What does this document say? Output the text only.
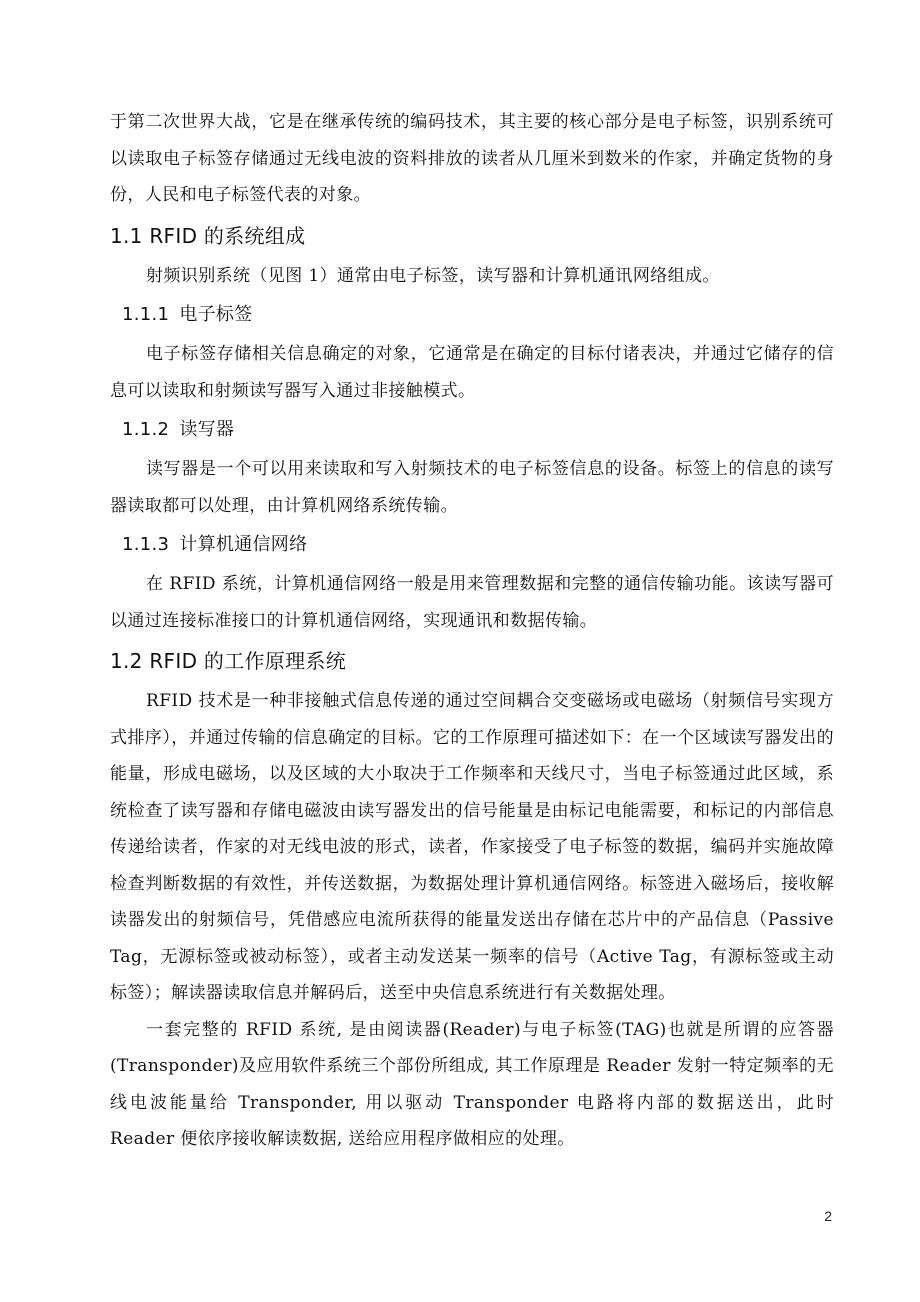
于第二次世界大战，它是在继承传统的编码技术，其主要的核心部分是电子标签，识别系统可以读取电子标签存储通过无线电波的资料排放的读者从几厘米到数米的作家，并确定货物的身份，人民和电子标签代表的对象。

1.1 RFID 的系统组成

射频识别系统（见图 1）通常由电子标签，读写器和计算机通讯网络组成。

1.1.1 电子标签

电子标签存储相关信息确定的对象，它通常是在确定的目标付诸表决，并通过它储存的信息可以读取和射频读写器写入通过非接触模式。

1.1.2 读写器

读写器是一个可以用来读取和写入射频技术的电子标签信息的设备。标签上的信息的读写器读取都可以处理，由计算机网络系统传输。

1.1.3 计算机通信网络

在 RFID 系统，计算机通信网络一般是用来管理数据和完整的通信传输功能。该读写器可以通过连接标准接口的计算机通信网络，实现通讯和数据传输。

1.2 RFID 的工作原理系统

RFID 技术是一种非接触式信息传递的通过空间耦合交变磁场或电磁场（射频信号实现方式排序），并通过传输的信息确定的目标。它的工作原理可描述如下：在一个区域读写器发出的能量，形成电磁场，以及区域的大小取决于工作频率和天线尺寸，当电子标签通过此区域，系统检查了读写器和存储电磁波由读写器发出的信号能量是由标记电能需要，和标记的内部信息传递给读者，作家的对无线电波的形式，读者，作家接受了电子标签的数据，编码并实施故障检查判断数据的有效性，并传送数据，为数据处理计算机通信网络。标签进入磁场后，接收解读器发出的射频信号，凭借感应电流所获得的能量发送出存储在芯片中的产品信息（Passive Tag，无源标签或被动标签），或者主动发送某一频率的信号（Active Tag，有源标签或主动标签）；解读器读取信息并解码后，送至中央信息系统进行有关数据处理。

一套完整的 RFID 系统, 是由阅读器(Reader)与电子标签(TAG)也就是所谓的应答器(Transponder)及应用软件系统三个部份所组成, 其工作原理是 Reader 发射一特定频率的无线电波能量给 Transponder, 用以驱动 Transponder 电路将内部的数据送出，此时 Reader 便依序接收解读数据, 送给应用程序做相应的处理。

2
